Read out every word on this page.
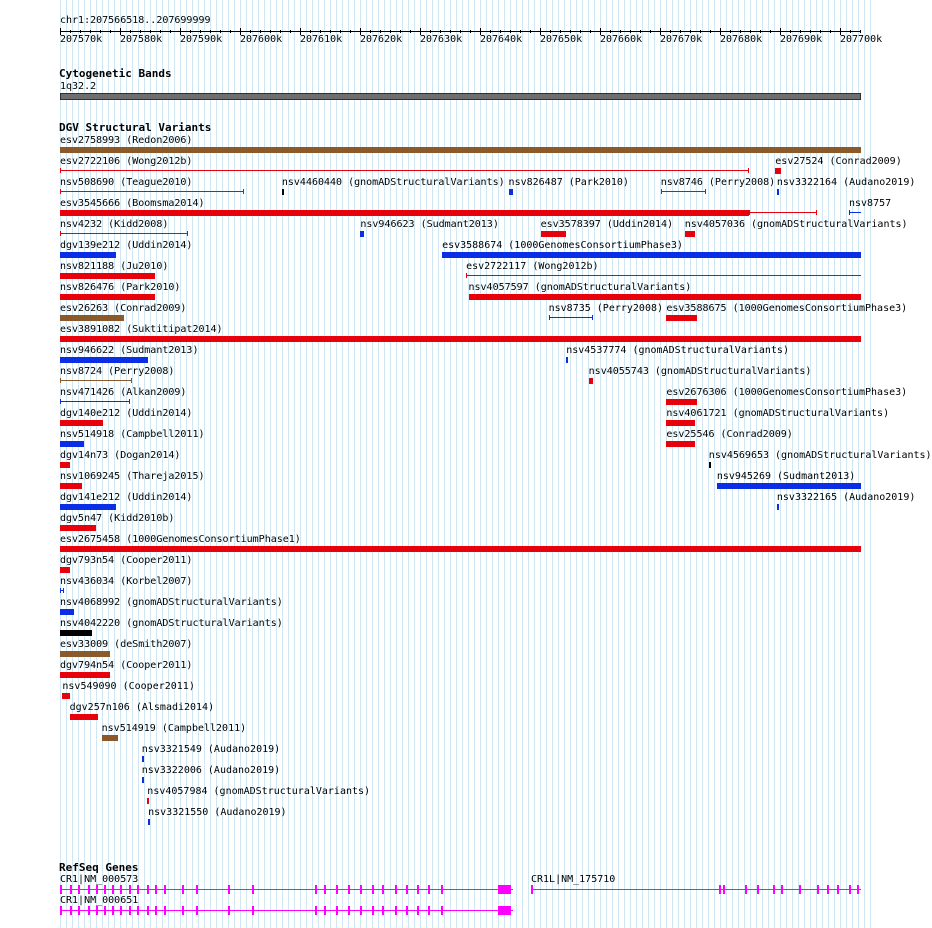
chr1:207566518..207699999
207570k 207580k 207590k 207600k 207610k 207620k 207630k 207640k 207650k 207660k 207670k 207680k 207690k 207700k
Cytogenetic Bands
1q32.2
DGV Structural Variants
esv2758993 (Redon2006)
esv2722106 (Wong2012b)	esv27524 (Conrad2009)
nsv508690 (Teague2010)	nsv4460440 (gnomADStructuralVariants) nsv826487 (Park2010)	nsv8746 (Perry2008) nsv3322164 (Audano2019)
esv3545666 (Boomsma2014)	nsv8757
nsv4232 (Kidd2008)	nsv946623 (Sudmant2013)	esv3578397 (Uddin2014) nsv4057036 (gnomADStructuralVariants)
dgv139e212 (Uddin2014)	esv3588674 (1000GenomesConsortiumPhase3)
nsv821188 (Ju2010)	esv2722117 (Wong2012b)
nsv826476 (Park2010)	nsv4057597 (gnomADStructuralVariants)
esv26263 (Conrad2009)	nsv8735 (Perry2008) esv3588675 (1000GenomesConsortiumPhase3)
esv3891082 (Suktitipat2014)
nsv946622 (Sudmant2013)	nsv4537774 (gnomADStructuralVariants)
nsv8724 (Perry2008)	nsv4055743 (gnomADStructuralVariants)
nsv471426 (Alkan2009)	esv2676306 (1000GenomesConsortiumPhase3)
dgv140e212 (Uddin2014)	nsv4061721 (gnomADStructuralVariants)
nsv514918 (Campbell2011)	esv25546 (Conrad2009)
dgv14n73 (Dogan2014)	nsv4569653 (gnomADStructuralVariants)
nsv1069245 (Thareja2015)	nsv945269 (Sudmant2013)
dgv141e212 (Uddin2014)	nsv3322165 (Audano2019)
dgv5n47 (Kidd2010b)
esv2675458 (1000GenomesConsortiumPhase1)
dgv793n54 (Cooper2011)
nsv436034 (Korbel2007)
nsv4068992 (gnomADStructuralVariants)
nsv4042220 (gnomADStructuralVariants)
esv33009 (deSmith2007)
dgv794n54 (Cooper2011)
nsv549090 (Cooper2011)
dgv257n106 (Alsmadi2014)
nsv514919 (Campbell2011)
nsv3321549 (Audano2019)
nsv3322006 (Audano2019)
nsv4057984 (gnomADStructuralVariants)
nsv3321550 (Audano2019)
RefSeq Genes
CR1|NM_000573	CR1L|NM_175710
CR1|NM_000651
